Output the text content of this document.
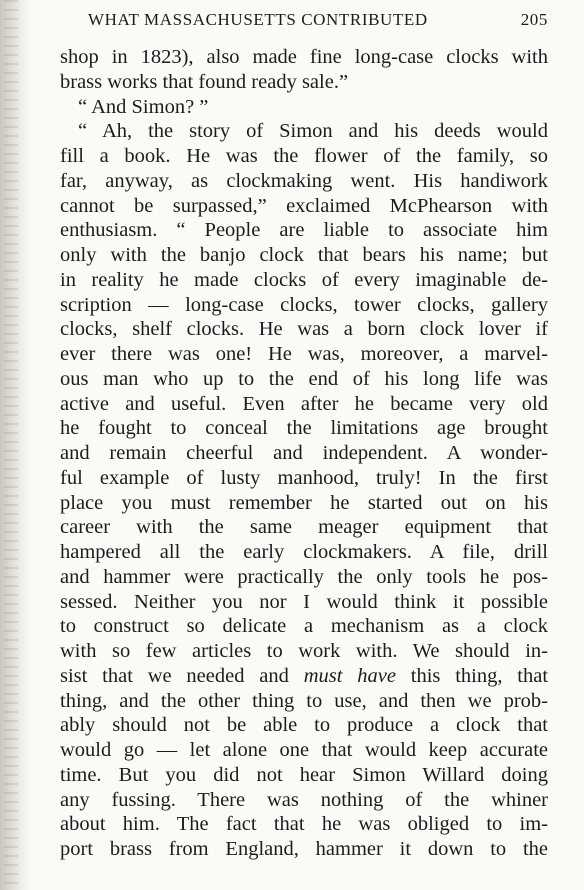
WHAT MASSACHUSETTS CONTRIBUTED	205
shop in 1823), also made fine long-case clocks with
brass works that found ready sale.”
“ And Simon? ”
“ Ah, the story of Simon and his deeds would
fill a book. He was the flower of the family, so
far, anyway, as clockmaking went. His handiwork
cannot be surpassed,” exclaimed McPhearson with
enthusiasm. “ People are liable to associate him
only with the banjo clock that bears his name; but
in reality he made clocks of every imaginable de-
scription — long-case clocks, tower clocks, gallery
clocks, shelf clocks. He was a born clock lover if
ever there was one! He was, moreover, a marvel-
ous man who up to the end of his long life was
active and useful. Even after he became very old
he fought to conceal the limitations age brought
and remain cheerful and independent. A wonder-
ful example of lusty manhood, truly! In the first
place you must remember he started out on his
career with the same meager equipment that
hampered all the early clockmakers. A file, drill
and hammer were practically the only tools he pos-
sessed. Neither you nor I would think it possible
to construct so delicate a mechanism as a clock
with so few articles to work with. We should in-
sist that we needed and must have this thing, that
thing, and the other thing to use, and then we prob-
ably should not be able to produce a clock that
would go — let alone one that would keep accurate
time. But you did not hear Simon Willard doing
any fussing. There was nothing of the whiner
about him. The fact that he was obliged to im-
port brass from England, hammer it down to the
